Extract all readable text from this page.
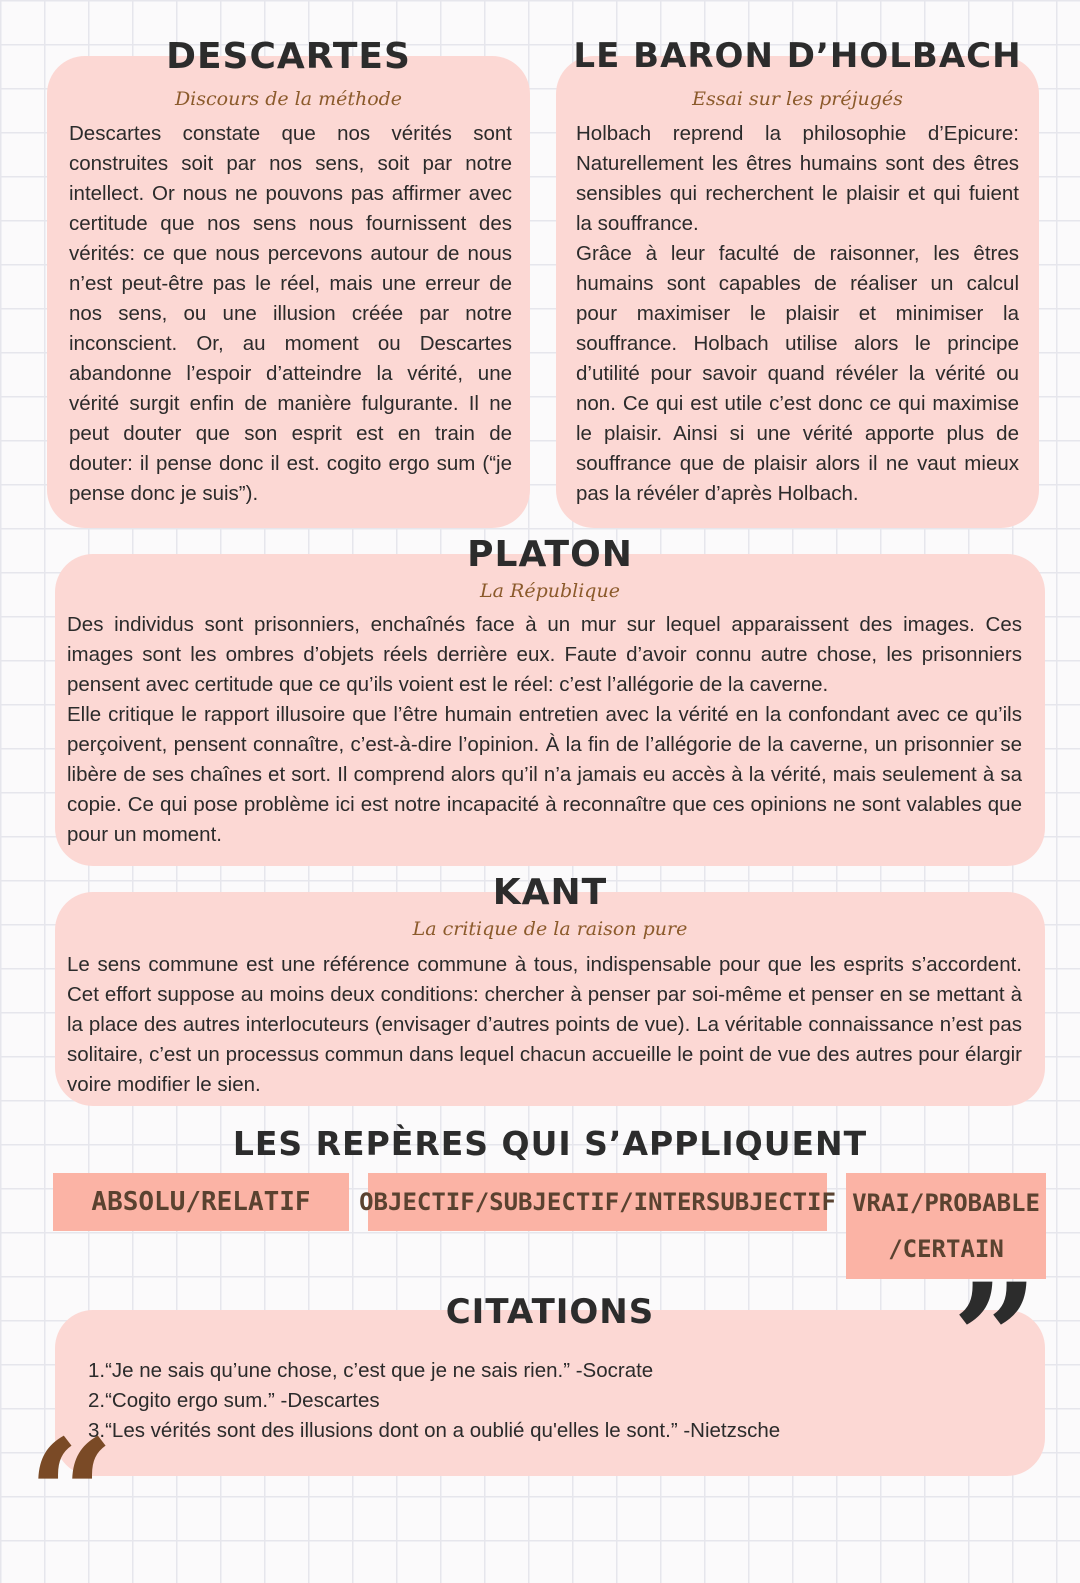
DESCARTES

Discours de la méthode

Descartes constate que nos vérités sont construites soit par nos sens, soit par notre intellect. Or nous ne pouvons pas affirmer avec certitude que nos sens nous fournissent des vérités: ce que nous percevons autour de nous n’est peut-être pas le réel, mais une erreur de nos sens, ou une illusion créée par notre inconscient. Or, au moment ou Descartes abandonne l’espoir d’atteindre la vérité, une vérité surgit enfin de manière fulgurante. Il ne peut douter que son esprit est en train de douter: il pense donc il est. cogito ergo sum (“je pense donc je suis”).

LE BARON D’HOLBACH

Essai sur les préjugés

Holbach reprend la philosophie d’Epicure: Naturellement les êtres humains sont des êtres sensibles qui recherchent le plaisir et qui fuient la souffrance.

Grâce à leur faculté de raisonner, les êtres humains sont capables de réaliser un calcul pour maximiser le plaisir et minimiser la souffrance. Holbach utilise alors le principe d’utilité pour savoir quand révéler la vérité ou non. Ce qui est utile c’est donc ce qui maximise le plaisir. Ainsi si une vérité apporte plus de souffrance que de plaisir alors il ne vaut mieux pas la révéler d’après Holbach.

PLATON

La République

Des individus sont prisonniers, enchaînés face à un mur sur lequel apparaissent des images. Ces images sont les ombres d’objets réels derrière eux. Faute d’avoir connu autre chose, les prisonniers pensent avec certitude que ce qu’ils voient est le réel: c’est l’allégorie de la caverne.

Elle critique le rapport illusoire que l’être humain entretien avec la vérité en la confondant avec ce qu’ils perçoivent, pensent connaître, c’est-à-dire l’opinion. À la fin de l’allégorie de la caverne, un prisonnier se libère de ses chaînes et sort. Il comprend alors qu’il n’a jamais eu accès à la vérité, mais seulement à sa copie. Ce qui pose problème ici est notre incapacité à reconnaître que ces opinions ne sont valables que pour un moment.

KANT

La critique de la raison pure

Le sens commune est une référence commune à tous, indispensable pour que les esprits s’accordent. Cet effort suppose au moins deux conditions: chercher à penser par soi-même et penser en se mettant à la place des autres interlocuteurs (envisager d’autres points de vue). La véritable connaissance n’est pas solitaire, c’est un processus commun dans lequel chacun accueille le point de vue des autres pour élargir voire modifier le sien.

LES REPÈRES QUI S’APPLIQUENT
ABSOLU/RELATIF OBJECTIF/SUBJECTIF/INTERSUBJECTIF VRAI/PROBABLE
/CERTAIN
CITATIONS
1.“Je ne sais qu’une chose, c’est que je ne sais rien.” -Socrate
2.“Cogito ergo sum.” -Descartes
3.“Les vérités sont des illusions dont on a oublié qu'elles le sont.” -Nietzsche
”
“
